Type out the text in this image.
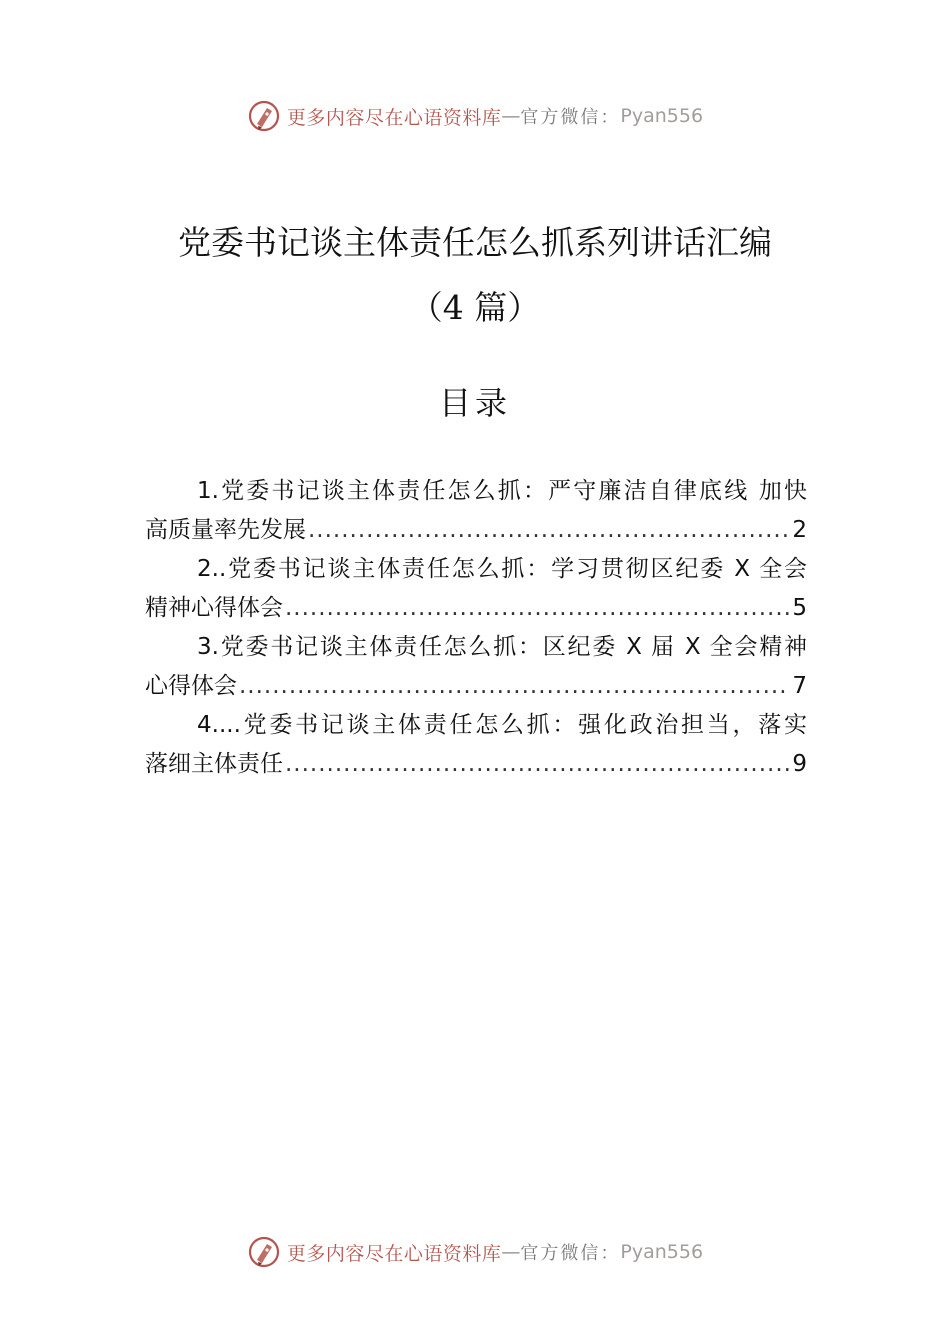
更多内容尽在心语资料库 — 官方微信： Pyan556
党委书记谈主体责任怎么抓系列讲话汇编
（4 篇）
目录
1.党委书记谈主体责任怎么抓：严守廉洁自律底线 加快
高质量率先发展 .....	2
2..党委书记谈主体责任怎么抓：学习贯彻区纪委 X 全会
精神心得体会 .....	5
3.党委书记谈主体责任怎么抓：区纪委 X 届 X 全会精神
心得体会 .....	7
4....党委书记谈主体责任怎么抓：强化政治担当，落实
落细主体责任 .....	9
更多内容尽在心语资料库 — 官方微信： Pyan556
